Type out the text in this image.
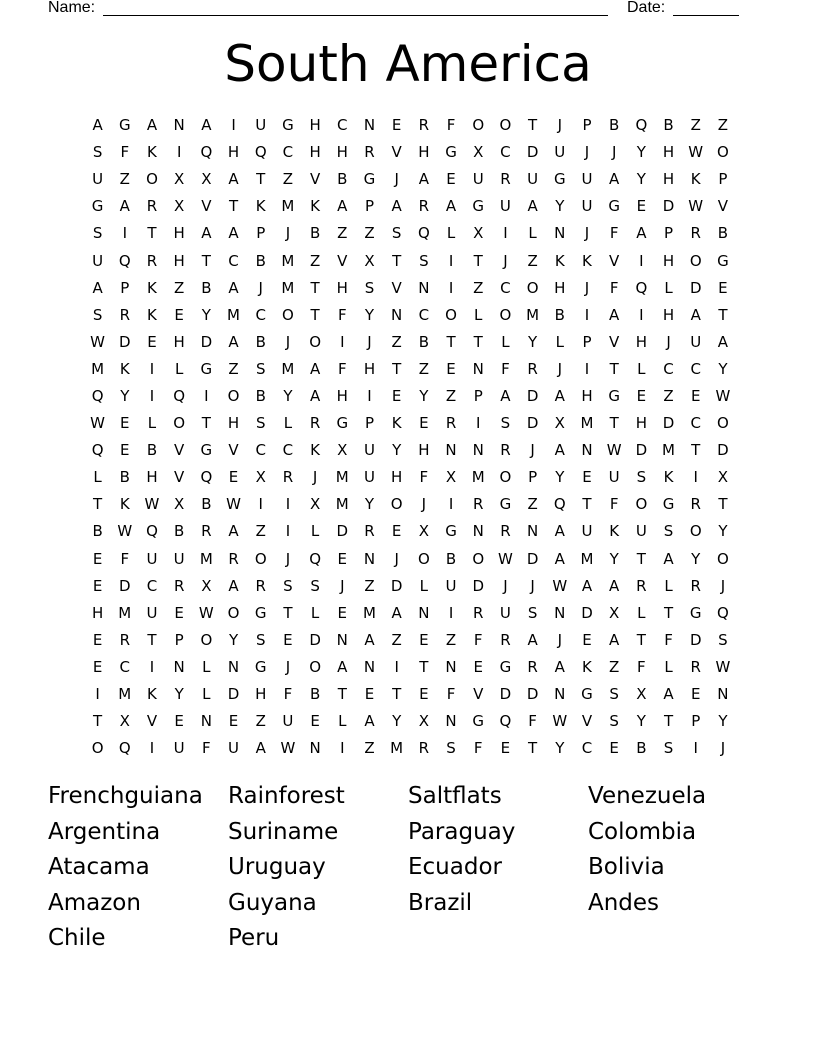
Name:	Date:
South America
A	G	A	N	A	I	U	G	H	C	N	E	R	F	O	O	T	J	P	B	Q	B	Z	Z
S	F	K	I	Q	H	Q	C	H	H	R	V	H	G	X	C	D	U	J	J	Y	H W O
U	Z	O	X	X	A	T	Z	V	B	G	J	A	E	U	R	U	G	U	A	Y	H	K	P
G	A	R	X	V	T	K	M	K	A	P	A	R	A	G	U	A	Y	U	G	E	D W V
S	I	T	H	A	A	P	J	B	Z	Z	S	Q	L	X	I	L	N	J	F	A	P	R	B
U	Q	R	H	T	C	B	M	Z	V	X	T	S	I	T	J	Z	K	K	V	I	H	O	G
A	P	K	Z	B	A	J	M	T	H	S	V	N	I	Z	C	O	H	J	F	Q	L	D	E
S	R	K	E	Y	M	C	O	T	F	Y	N	C	O	L	O M	B	I	A	I	H	A	T
W D	E	H	D	A	B	J	O	I	J	Z	B	T	T	L	Y	L	P	V	H	J	U	A
M	K	I	L	G	Z	S	M	A	F	H	T	Z	E	N	F	R	J	I	T	L	C	C	Y
Q	Y	I	Q	I	O	B	Y	A	H	I	E	Y	Z	P	A	D	A	H	G	E	Z	E	W
W	E	L	O	T	H	S	L	R	G	P	K	E	R	I	S	D	X	M	T	H	D	C	O
Q	E	B	V	G	V	C	C	K	X	U	Y	H	N	N	R	J	A	N W D M	T	D
L	B	H	V	Q	E	X	R	J	M	U	H	F	X	M O	P	Y	E	U	S	K	I	X
T	K W X	B W	I	I	X	M	Y	O	J	I	R	G	Z	Q	T	F	O	G	R	T
B W Q	B	R	A	Z	I	L	D	R	E	X	G	N	R	N	A	U	K	U	S	O	Y
E	F	U	U	M	R	O	J	Q	E	N	J	O	B	O W D	A	M	Y	T	A	Y	O
E	D	C	R	X	A	R	S	S	J	Z	D	L	U	D	J	J	W A	A	R	L	R	J
H	M	U	E	W O	G	T	L	E	M	A	N	I	R	U	S	N	D	X	L	T	G	Q
E	R	T	P	O	Y	S	E	D	N	A	Z	E	Z	F	R	A	J	E	A	T	F	D	S
E	C	I	N	L	N	G	J	O	A	N	I	T	N	E	G	R	A	K	Z	F	L	R W
I	M	K	Y	L	D	H	F	B	T	E	T	E	F	V	D	D	N	G	S	X	A	E	N
T	X	V	E	N	E	Z	U	E	L	A	Y	X	N	G	Q	F	W V	S	Y	T	P	Y
O	Q	I	U	F	U	A W N	I	Z	M	R	S	F	E	T	Y	C	E	B	S	I	J
Frenchguiana	Rainforest	Saltflats	Venezuela
Argentina	Suriname	Paraguay	Colombia
Atacama	Uruguay	Ecuador	Bolivia
Amazon	Guyana	Brazil	Andes
Chile	Peru
